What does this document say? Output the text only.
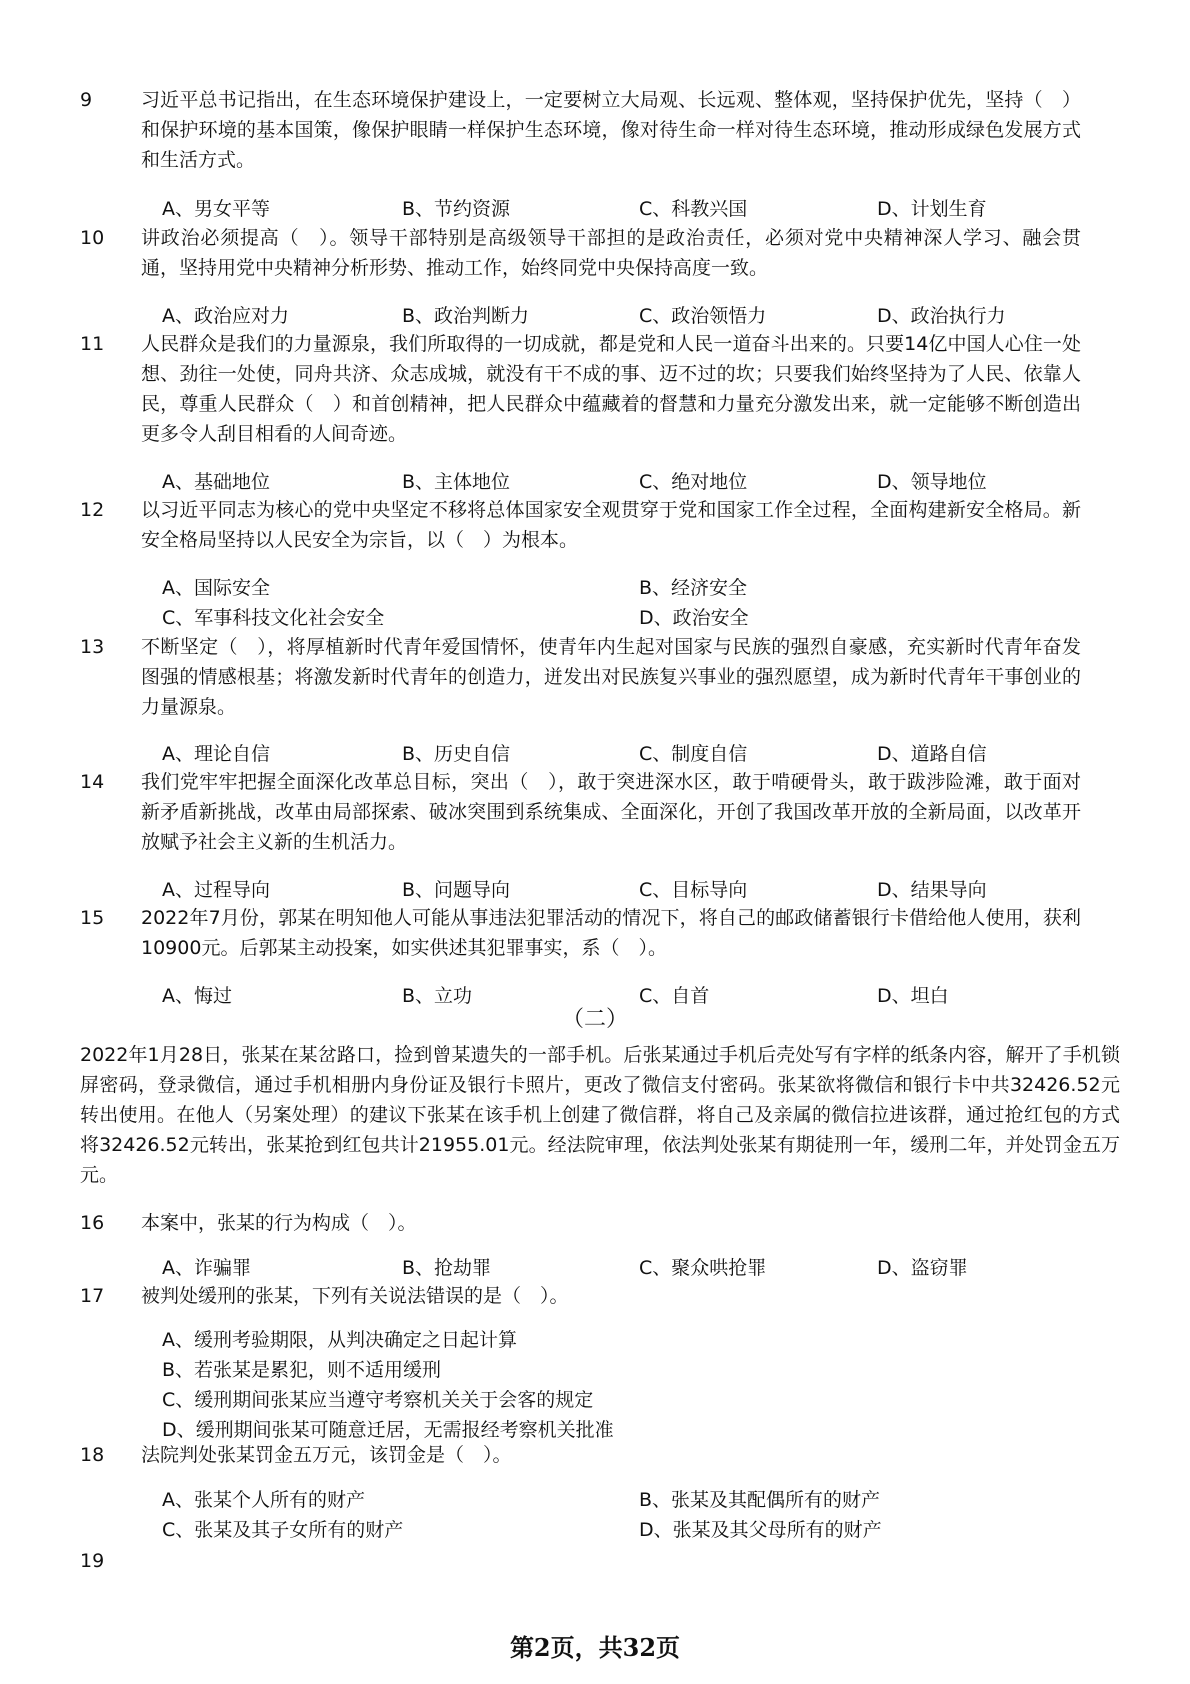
9	习近平总书记指出，在生态环境保护建设上，一定要树立大局观、长远观、整体观，坚持保护优先，坚持（　）和保护环境的基本国策，像保护眼睛一样保护生态环境，像对待生命一样对待生态环境，推动形成绿色发展方式和生活方式。
A、男女平等	B、节约资源	C、科教兴国	D、计划生育
10	讲政治必须提高（　）。领导干部特别是高级领导干部担的是政治责任，必须对党中央精神深人学习、融会贯通，坚持用党中央精神分析形势、推动工作，始终同党中央保持高度一致。
A、政治应对力	B、政治判断力	C、政治领悟力	D、政治执行力
11	人民群众是我们的力量源泉，我们所取得的一切成就，都是党和人民一道奋斗出来的。只要14亿中国人心住一处想、劲往一处使，同舟共济、众志成城，就没有干不成的事、迈不过的坎；只要我们始终坚持为了人民、依靠人民，尊重人民群众（　）和首创精神，把人民群众中蕴藏着的督慧和力量充分激发出来，就一定能够不断创造出更多令人刮目相看的人间奇迹。
A、基础地位	B、主体地位	C、绝对地位	D、领导地位
12	以习近平同志为核心的党中央坚定不移将总体国家安全观贯穿于党和国家工作全过程，全面构建新安全格局。新安全格局坚持以人民安全为宗旨，以（　）为根本。
A、国际安全	B、经济安全
C、军事科技文化社会安全	D、政治安全
13	不断坚定（　），将厚植新时代青年爱国情怀，使青年内生起对国家与民族的强烈自豪感，充实新时代青年奋发图强的情感根基；将激发新时代青年的创造力，迸发出对民族复兴事业的强烈愿望，成为新时代青年干事创业的力量源泉。
A、理论自信	B、历史自信	C、制度自信	D、道路自信
14	我们党牢牢把握全面深化改革总目标，突出（　），敢于突进深水区，敢于啃硬骨头，敢于跋涉险滩，敢于面对新矛盾新挑战，改革由局部探索、破冰突围到系统集成、全面深化，开创了我国改革开放的全新局面，以改革开放赋予社会主义新的生机活力。
A、过程导向	B、问题导向	C、目标导向	D、结果导向
15	2022年7月份，郭某在明知他人可能从事违法犯罪活动的情况下，将自己的邮政储蓄银行卡借给他人使用，获利10900元。后郭某主动投案，如实供述其犯罪事实，系（　）。
A、悔过	B、立功	C、自首	D、坦白
（二）
2022年1月28日，张某在某岔路口，捡到曾某遗失的一部手机。后张某通过手机后壳处写有字样的纸条内容，解开了手机锁屏密码，登录微信，通过手机相册内身份证及银行卡照片，更改了微信支付密码。张某欲将微信和银行卡中共32426.52元转出使用。在他人（另案处理）的建议下张某在该手机上创建了微信群，将自己及亲属的微信拉进该群，通过抢红包的方式将32426.52元转出，张某抢到红包共计21955.01元。经法院审理，依法判处张某有期徒刑一年，缓刑二年，并处罚金五万元。
16	本案中，张某的行为构成（　）。
A、诈骗罪	B、抢劫罪	C、聚众哄抢罪	D、盗窃罪
17	被判处缓刑的张某，下列有关说法错误的是（　）。
A、缓刑考验期限，从判决确定之日起计算
B、若张某是累犯，则不适用缓刑
C、缓刑期间张某应当遵守考察机关关于会客的规定
D、缓刑期间张某可随意迁居，无需报经考察机关批准
18	法院判处张某罚金五万元，该罚金是（　）。
A、张某个人所有的财产	B、张某及其配偶所有的财产
C、张某及其子女所有的财产	D、张某及其父母所有的财产
19
第2页，共32页
